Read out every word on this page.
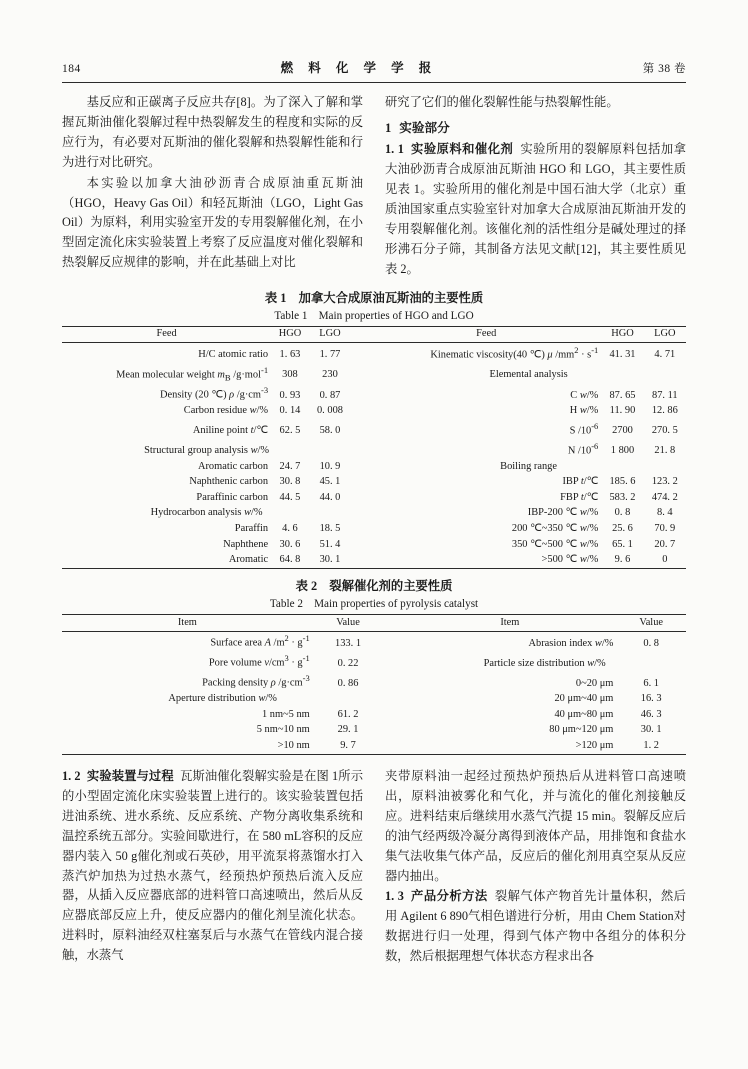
184	燃 料 化 学 学 报	第 38 卷

基反应和正碳离子反应共存[8]。为了深入了解和掌握瓦斯油催化裂解过程中热裂解发生的程度和实际的反应行为，有必要对瓦斯油的催化裂解和热裂解性能和行为进行对比研究。

本实验以加拿大油砂沥青合成原油重瓦斯油（HGO，Heavy Gas Oil）和轻瓦斯油（LGO，Light Gas Oil）为原料，利用实验室开发的专用裂解催化剂，在小型固定流化床实验装置上考察了反应温度对催化裂解和热裂解反应规律的影响，并在此基础上对比

研究了它们的催化裂解性能与热裂解性能。

1 实验部分

1. 1 实验原料和催化剂 实验所用的裂解原料包括加拿大油砂沥青合成原油瓦斯油 HGO 和 LGO，其主要性质见表 1。实验所用的催化剂是中国石油大学（北京）重质油国家重点实验室针对加拿大合成原油瓦斯油开发的专用裂解催化剂。该催化剂的活性组分是碱处理过的择形沸石分子筛，其制备方法见文献[12]，其主要性质见表 2。

表 1　加拿大合成原油瓦斯油的主要性质
Table 1　Main properties of HGO and LGO
Feed	HGO	LGO		Feed	HGO	LGO
H/C atomic ratio	1. 63	1. 77		Kinematic viscosity(40 ℃) μ $/mm^2 \cdot s^{-1}$	41. 31	4. 71
Mean molecular weight $m_B$ /g·mol$^{-1}$	308	230		Elemental analysis		
Density (20 ℃) ρ $/g\cdot cm^{-3}$	0. 93	0. 87		C w/%	87. 65	87. 11
Carbon residue w/%	0. 14	0. 008		H w/%	11. 90	12. 86
Aniline point t/℃	62. 5	58. 0		S $/10^{-6}$	2700	270. 5
Structural group analysis w/%				N $/10^{-6}$	1 800	21. 8
Aromatic carbon	24. 7	10. 9		Boiling range		
Naphthenic carbon	30. 8	45. 1		IBP t/℃	185. 6	123. 2
Paraffinic carbon	44. 5	44. 0		FBP t/℃	583. 2	474. 2
Hydrocarbon analysis w/%				IBP-200 ℃ w/%	0. 8	8. 4
Paraffin	4. 6	18. 5		200 ℃~350 ℃ w/%	25. 6	70. 9
Naphthene	30. 6	51. 4		350 ℃~500 ℃ w/%	65. 1	20. 7
Aromatic	64. 8	30. 1		>500 ℃ w/%	9. 6	0
表 2　裂解催化剂的主要性质
Table 2　Main properties of pyrolysis catalyst
Item	Value		Item	Value
Surface area A $/m^2 \cdot g^{-1}$	133. 1		Abrasion index w/%	0. 8
Pore volume $v/cm^3 \cdot g^{-1}$	0. 22		Particle size distribution w/%	
Packing density ρ $/g\cdot cm^{-3}$	0. 86		0~20 μm	6. 1
Aperture distribution w/%			20 μm~40 μm	16. 3
1 nm~5 nm	61. 2		40 μm~80 μm	46. 3
5 nm~10 nm	29. 1		80 μm~120 μm	30. 1
>10 nm	9. 7		>120 μm	1. 2

1. 2 实验装置与过程 瓦斯油催化裂解实验是在图 1所示的小型固定流化床实验装置上进行的。该实验装置包括进油系统、进水系统、反应系统、产物分离收集系统和温控系统五部分。实验间歇进行，在 580 mL容积的反应器内装入 50 g催化剂或石英砂，用平流泵将蒸馏水打入蒸汽炉加热为过热水蒸气，经预热炉预热后流入反应器，从插入反应器底部的进料管口高速喷出，然后从反应器底部反应上升，使反应器内的催化剂呈流化状态。进料时，原料油经双柱塞泵后与水蒸气在管线内混合接触，水蒸气

夹带原料油一起经过预热炉预热后从进料管口高速喷出，原料油被雾化和气化，并与流化的催化剂接触反应。进料结束后继续用水蒸气汽提 15 min。裂解反应后的油气经两级冷凝分离得到液体产品，用排饱和食盐水集气法收集气体产品，反应后的催化剂用真空泵从反应器内抽出。

1. 3 产品分析方法 裂解气体产物首先计量体积，然后用 Agilent 6 890气相色谱进行分析，用由 Chem Station对数据进行归一处理，得到气体产物中各组分的体积分数，然后根据理想气体状态方程求出各
